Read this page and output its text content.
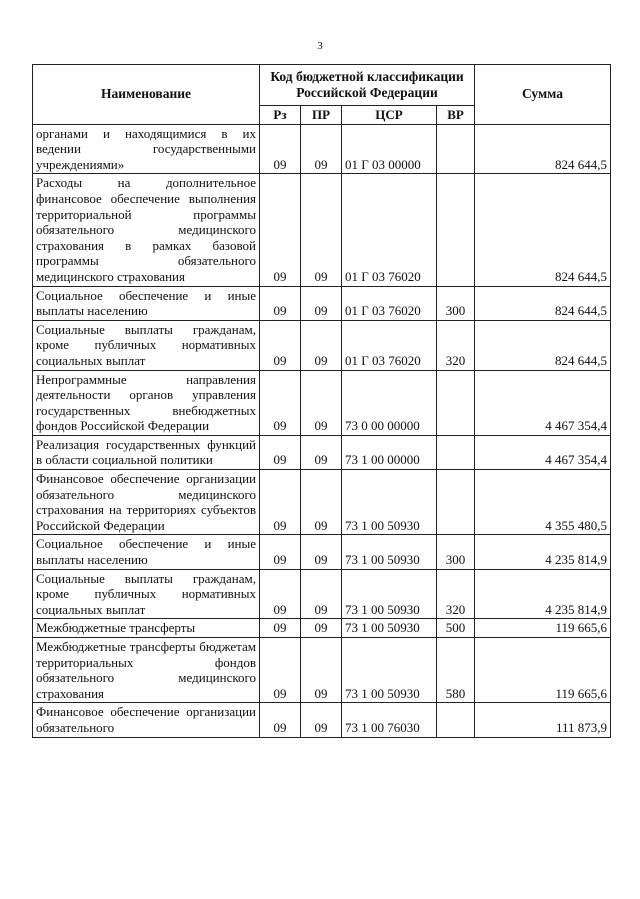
3
Наименование	Код бюджетной классификации Российской Федерации				Сумма
	Рз	ПР	ЦСР	ВР	
органами и находящимися в их ведении государственными учреждениями»	09	09	01 Г 03 00000		824 644,5
Расходы на дополнительное финансовое обеспечение выполнения территориальной программы обязательного медицинского страхования в рамках базовой программы обязательного медицинского страхования	09	09	01 Г 03 76020		824 644,5
Социальное обеспечение и иные выплаты населению	09	09	01 Г 03 76020	300	824 644,5
Социальные выплаты гражданам, кроме публичных нормативных социальных выплат	09	09	01 Г 03 76020	320	824 644,5
Непрограммные направления деятельности органов управления государственных внебюджетных фондов Российской Федерации	09	09	73 0 00 00000		4 467 354,4
Реализация государственных функций в области социальной политики	09	09	73 1 00 00000		4 467 354,4
Финансовое обеспечение организации обязательного медицинского страхования на территориях субъектов Российской Федерации	09	09	73 1 00 50930		4 355 480,5
Социальное обеспечение и иные выплаты населению	09	09	73 1 00 50930	300	4 235 814,9
Социальные выплаты гражданам, кроме публичных нормативных социальных выплат	09	09	73 1 00 50930	320	4 235 814,9
Межбюджетные трансферты	09	09	73 1 00 50930	500	119 665,6
Межбюджетные трансферты бюджетам территориальных фондов обязательного медицинского страхования	09	09	73 1 00 50930	580	119 665,6
Финансовое обеспечение организации обязательного	09	09	73 1 00 76030		111 873,9
